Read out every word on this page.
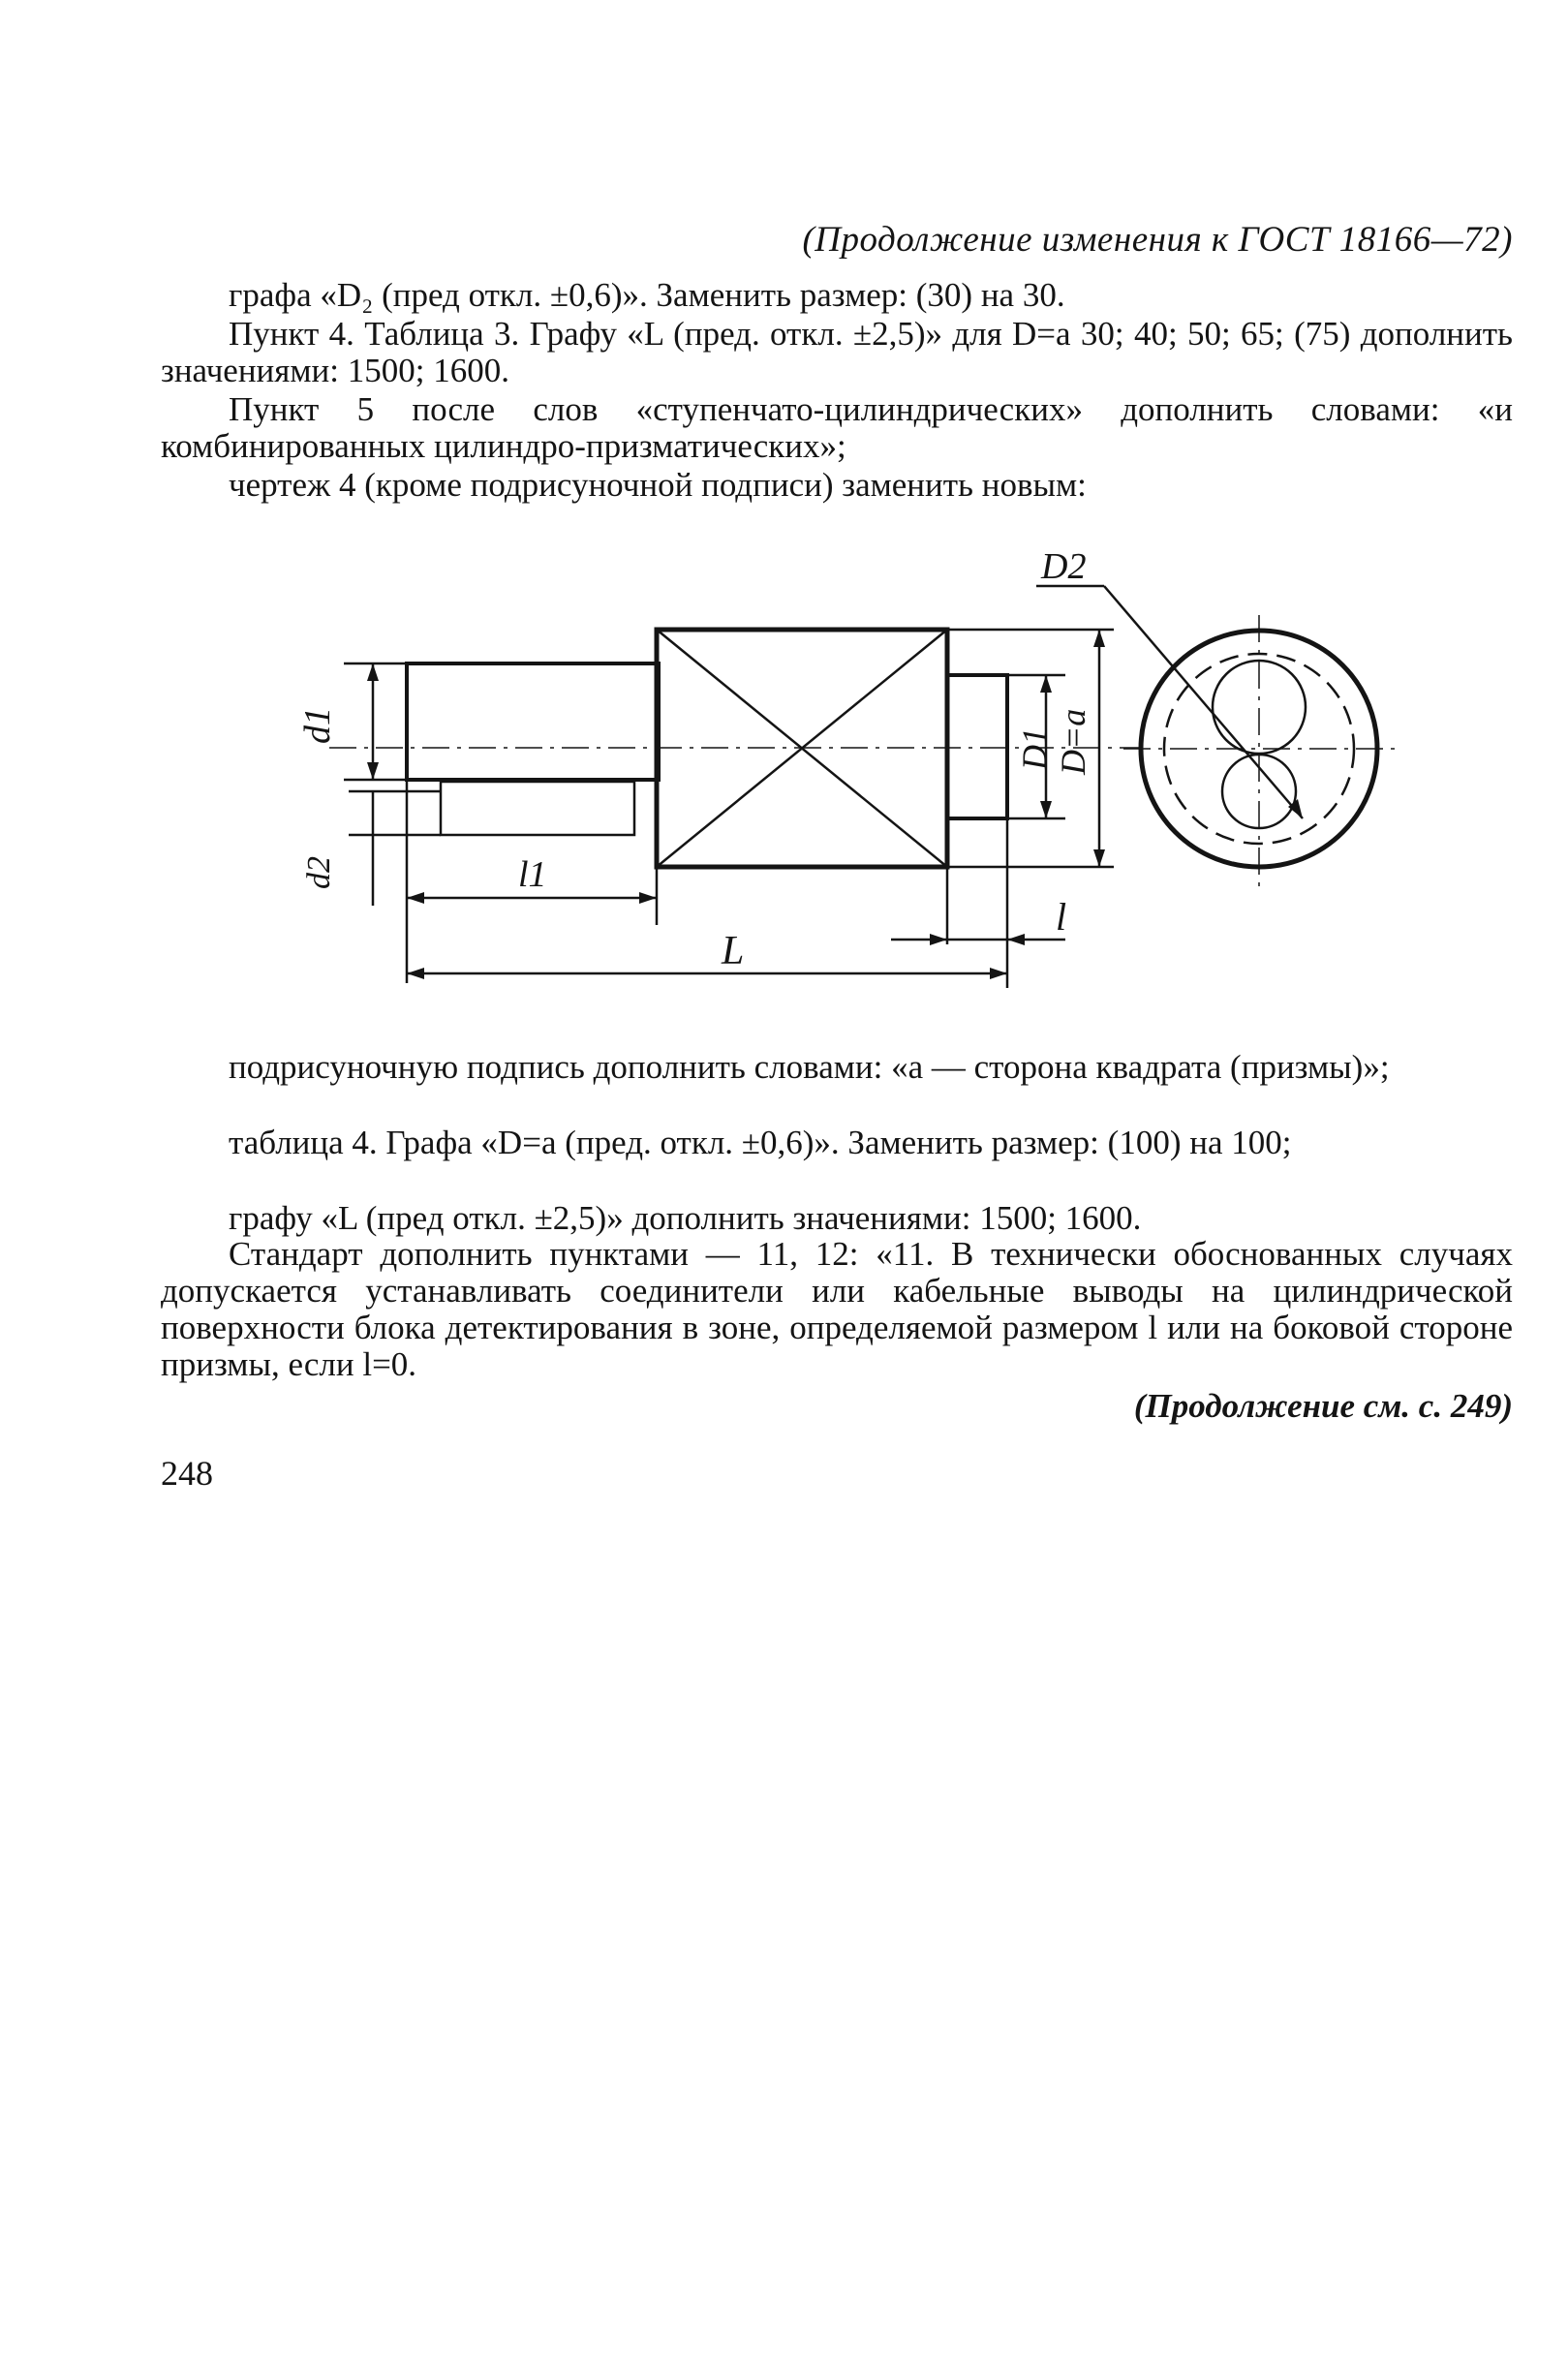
(Продолжение изменения к ГОСТ 18166—72)

графа «D₂ (пред откл. ±0,6)». Заменить размер: (30) на 30.

Пункт 4. Таблица 3. Графу «L (пред. откл. ±2,5)» для D=a 30; 40; 50; 65; (75) дополнить значениями: 1500; 1600.

Пункт 5 после слов «ступенчато-цилиндрических» дополнить словами: «и комбинированных цилиндро-призматических»;

чертеж 4 (кроме подрисуночной подписи) заменить новым:

d1
d2	l1
L
l
D1 D=a
D2

подрисуночную подпись дополнить словами: «a — сторона квадрата (призмы)»;

таблица 4. Графа «D=a (пред. откл. ±0,6)». Заменить размер: (100) на 100;

графу «L (пред откл. ±2,5)» дополнить значениями: 1500; 1600.

Стандарт дополнить пунктами — 11, 12: «11. В технически обоснованных случаях допускается устанавливать соединители или кабельные выводы на цилиндрической поверхности блока детектирования в зоне, определяемой размером l или на боковой стороне призмы, если l=0.

(Продолжение см. с. 249)
248
